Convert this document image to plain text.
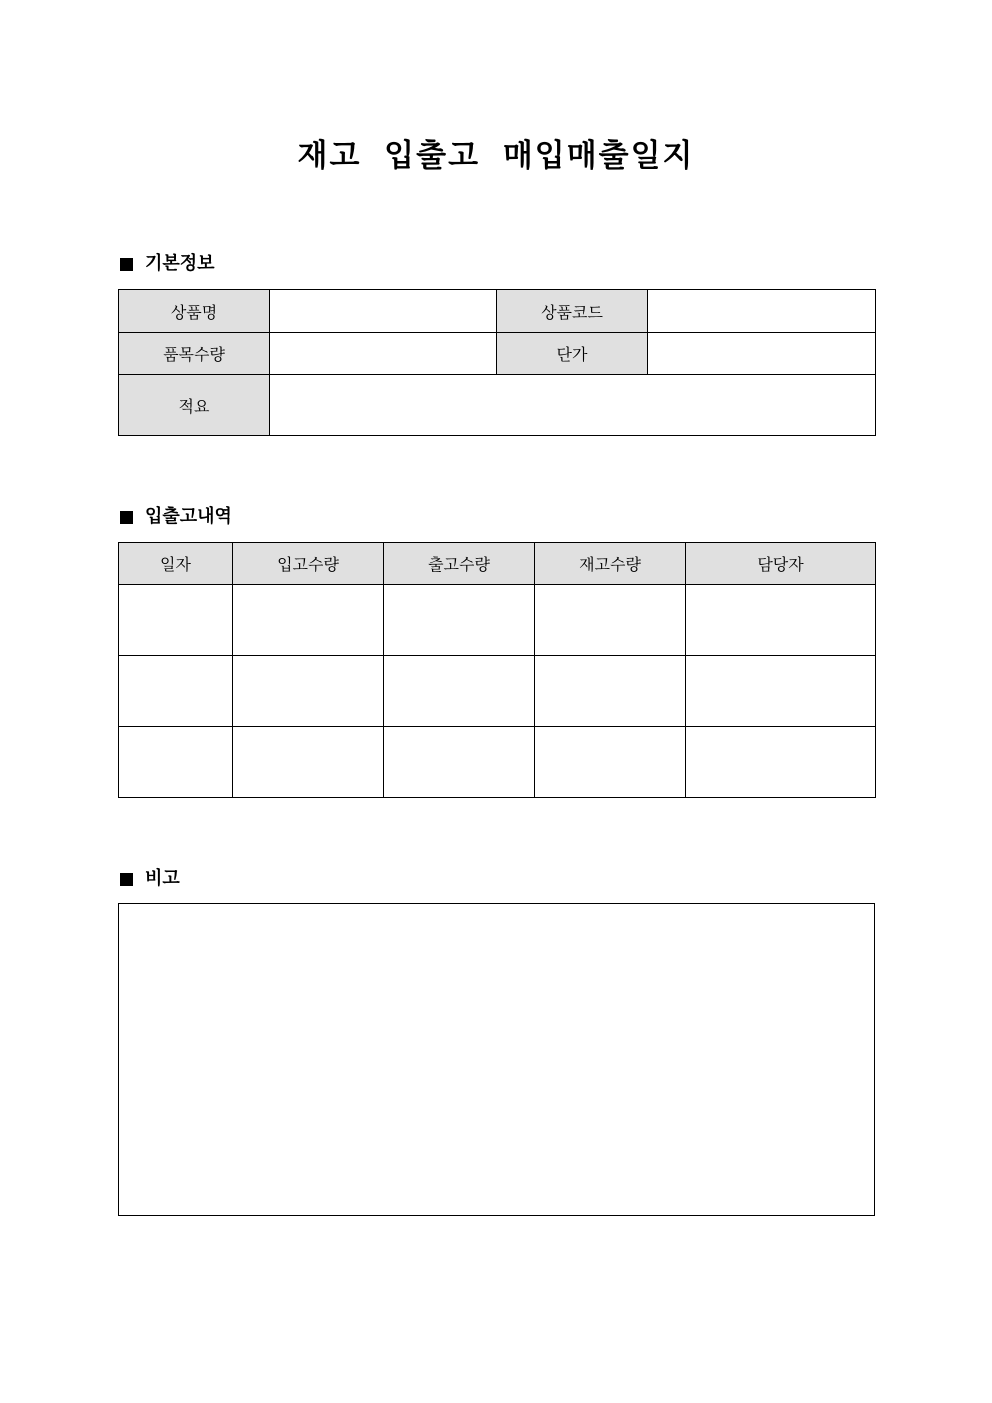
재고 입출고 매입매출일지
기본정보
상품명		상품코드	
품목수량		단가	
적요			
입출고내역
일자	입고수량	출고수량	재고수량	담당자

비고
